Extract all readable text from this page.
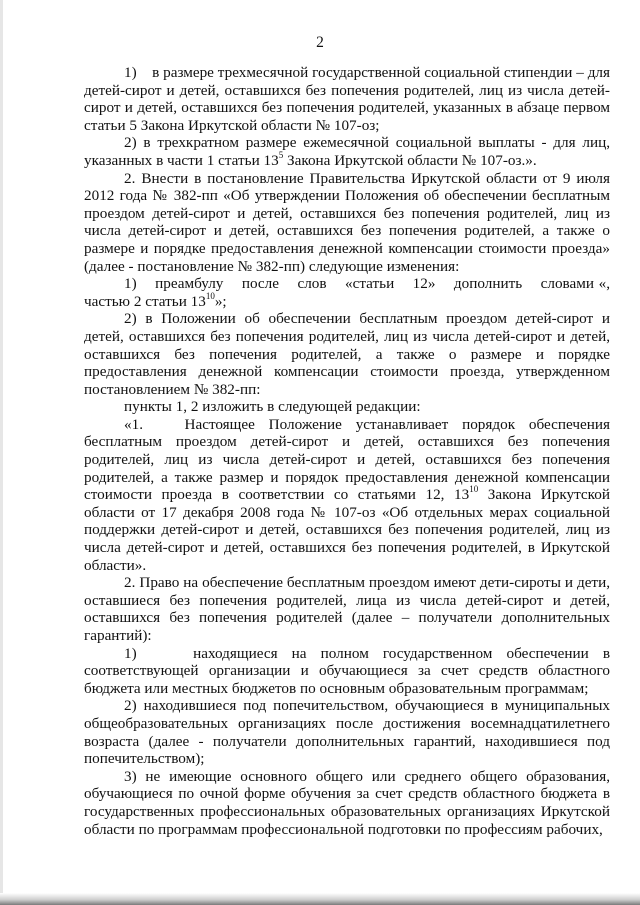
2

1)    в размере трехмесячной государственной социальной стипендии – для детей-сирот и детей, оставшихся без попечения родителей, лиц из числа детей-сирот и детей, оставшихся без попечения родителей, указанных в абзаце первом статьи 5 Закона Иркутской области № 107-оз;

2) в трехкратном размере ежемесячной социальной выплаты - для лиц, указанных в части 1 статьи $13^5$ Закона Иркутской области № 107-оз.».

2. Внести в постановление Правительства Иркутской области от 9 июля 2012 года № 382-пп «Об утверждении Положения об обеспечении бесплатным проездом детей-сирот и детей, оставшихся без попечения родителей, лиц из числа детей-сирот и детей, оставшихся без попечения родителей, а также о размере и порядке предоставления денежной компенсации стоимости проезда» (далее - постановление № 382-пп) следующие изменения:

1)    преамбулу    после    слов    «статьи    12»    дополнить    словами «, частью 2 статьи $13^{10}$»;

2) в Положении об обеспечении бесплатным проездом детей-сирот и детей, оставшихся без попечения родителей, лиц из числа детей-сирот и детей, оставшихся без попечения родителей, а также о размере и порядке предоставления денежной компенсации стоимости проезда, утвержденном постановлением № 382-пп:

пункты 1, 2 изложить в следующей редакции:

«1.   Настоящее Положение устанавливает порядок обеспечения бесплатным проездом детей-сирот и детей, оставшихся без попечения родителей, лиц из числа детей-сирот и детей, оставшихся без попечения родителей, а также размер и порядок предоставления денежной компенсации стоимости проезда в соответствии со статьями 12, $13^{10}$ Закона Иркутской области от 17 декабря 2008 года № 107-оз «Об отдельных мерах социальной поддержки детей-сирот и детей, оставшихся без попечения родителей, лиц из числа детей-сирот и детей, оставшихся без попечения родителей, в Иркутской области».

2. Право на обеспечение бесплатным проездом имеют дети-сироты и дети, оставшиеся без попечения родителей, лица из числа детей-сирот и детей, оставшихся без попечения родителей (далее – получатели дополнительных гарантий):

1)    находящиеся на полном государственном обеспечении в соответствующей организации и обучающиеся за счет средств областного бюджета или местных бюджетов по основным образовательным программам;

2) находившиеся под попечительством, обучающиеся в муниципальных общеобразовательных организациях после достижения восемнадцатилетнего возраста (далее - получатели дополнительных гарантий, находившиеся под попечительством);

3) не имеющие основного общего или среднего общего образования, обучающиеся по очной форме обучения за счет средств областного бюджета в государственных профессиональных образовательных организациях Иркутской области по программам профессиональной подготовки по профессиям рабочих,
